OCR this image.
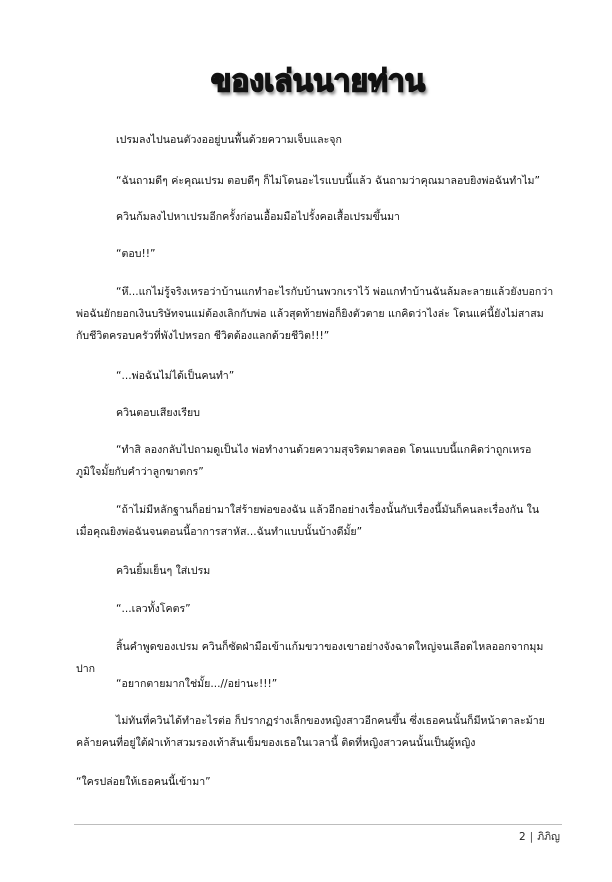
ของเล่นนายท่าน

เปรมลงไปนอนตัวงออยู่บนพื้นด้วยความเจ็บและจุก

“ฉันถามดีๆ ค่ะคุณเปรม ตอบดีๆ ก็ไม่โดนอะไรแบบนี้แล้ว ฉันถามว่าคุณมาลอบยิงพ่อฉันทำไม”

ควินก้มลงไปหาเปรมอีกครั้งก่อนเอื้อมมือไปรั้งคอเสื้อเปรมขึ้นมา

“ตอบ!!”

“หึ...แกไม่รู้จริงเหรอว่าบ้านแกทำอะไรกับบ้านพวกเราไว้ พ่อแกทำบ้านฉันล้มละลายแล้วยังบอกว่าพ่อฉันยักยอกเงินบริษัทจนแม่ต้องเลิกกับพ่อ แล้วสุดท้ายพ่อก็ยิงตัวตาย แกคิดว่าไงล่ะ โดนแค่นี้ยังไม่สาสมกับชีวิตครอบครัวที่พังไปหรอก ชีวิตต้องแลกด้วยชีวิต!!!”

“...พ่อฉันไม่ได้เป็นคนทำ”

ควินตอบเสียงเรียบ

“ทำสิ ลองกลับไปถามดูเป็นไง พ่อทำงานด้วยความสุจริตมาตลอด โดนแบบนี้แกคิดว่าถูกเหรอ ภูมิใจมั้ยกับคำว่าลูกฆาตกร”

“ถ้าไม่มีหลักฐานก็อย่ามาใส่ร้ายพ่อของฉัน แล้วอีกอย่างเรื่องนั้นกับเรื่องนี้มันก็คนละเรื่องกัน ในเมื่อคุณยิงพ่อฉันจนตอนนี้อาการสาหัส...ฉันทำแบบนั้นบ้างดีมั้ย”

ควินยิ้มเย็นๆ ใส่เปรม

“...เลวทั้งโคตร”

สิ้นคำพูดของเปรม ควินก็ซัดฝ่ามือเข้าแก้มขวาของเขาอย่างจังฉาดใหญ่จนเลือดไหลออกจากมุมปาก

“อยากตายมากใช่มั้ย...//อย่านะ!!!”

ไม่ทันที่ควินได้ทำอะไรต่อ ก็ปรากฏร่างเล็กของหญิงสาวอีกคนขึ้น ซึ่งเธอคนนั้นก็มีหน้าตาละม้ายคล้ายคนที่อยู่ใต้ฝ่าเท้าสวมรองเท้าส้นเข็มของเธอในเวลานี้ ติดที่หญิงสาวคนนั้นเป็นผู้หญิง

“ใครปล่อยให้เธอคนนี้เข้ามา”

2 | ภิภิญ
